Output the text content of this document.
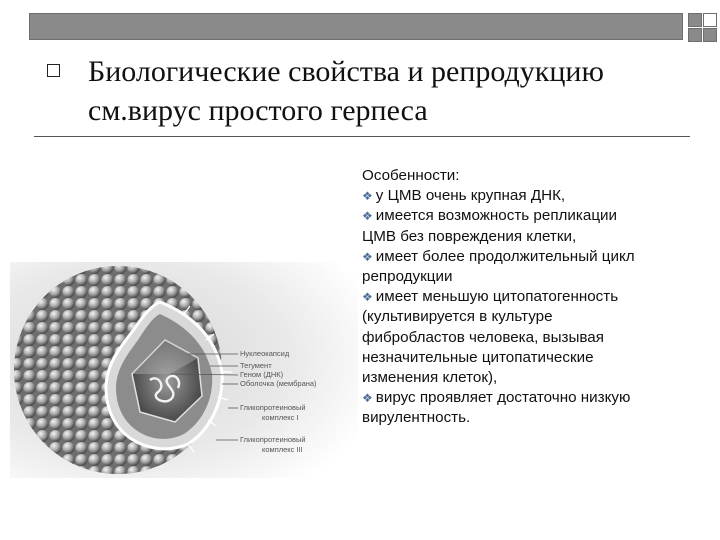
Биологические свойства и репродукцию
см.вирус простого герпеса
Нуклеокапсид
Тегумент
Геном (ДНК)
Оболочка (мембрана)
Гликопротеиновый
комплекс I
Гликопротеиновый
комплекс III
Особенности:
❖ у ЦМВ очень крупная ДНК,
❖ имеется возможность репликации
ЦМВ без повреждения клетки,
❖ имеет более продолжительный цикл
репродукции
❖ имеет меньшую цитопатогенность
(культивируется в культуре
фибробластов человека, вызывая
незначительные цитопатические
изменения клеток),
❖ вирус проявляет достаточно низкую
вирулентность.
